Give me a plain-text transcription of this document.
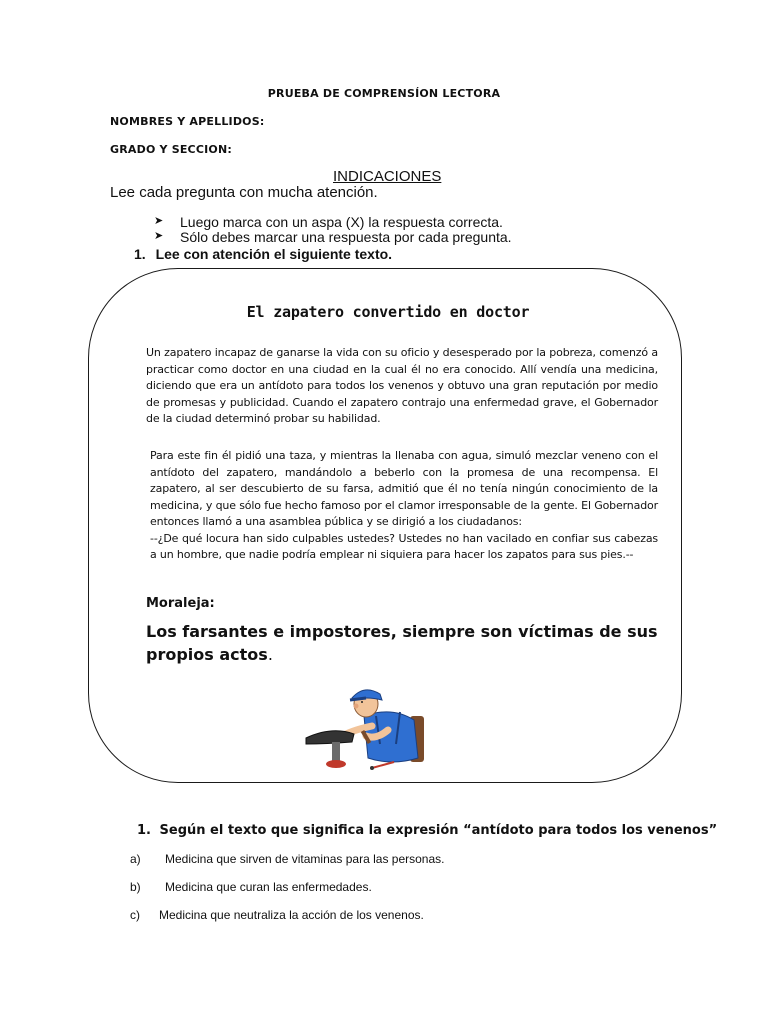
PRUEBA DE COMPRENSÍON LECTORA
NOMBRES Y APELLIDOS:
GRADO Y SECCION:
INDICACIONES
Lee cada pregunta con mucha atención.
➤	Luego marca con un aspa (X) la respuesta correcta.
➤	Sólo debes marcar una respuesta por cada pregunta.
1. Lee con atención el siguiente texto.
El zapatero convertido en doctor

Un zapatero incapaz de ganarse la vida con su oficio y desesperado por la pobreza, comenzó a practicar como doctor en una ciudad en la cual él no era conocido. Allí vendía una medicina, diciendo que era un antídoto para todos los venenos y obtuvo una gran reputación por medio de promesas y publicidad. Cuando el zapatero contrajo una enfermedad grave, el Gobernador de la ciudad determinó probar su habilidad.

Para este fin él pidió una taza, y mientras la llenaba con agua, simuló mezclar veneno con el antídoto del zapatero, mandándolo a beberlo con la promesa de una recompensa. El zapatero, al ser descubierto de su farsa, admitió que él no tenía ningún conocimiento de la medicina, y que sólo fue hecho famoso por el clamor irresponsable de la gente. El Gobernador entonces llamó a una asamblea pública y se dirigió a los ciudadanos:

--¿De qué locura han sido culpables ustedes? Ustedes no han vacilado en confiar sus cabezas a un hombre, que nadie podría emplear ni siquiera para hacer los zapatos para sus pies.--

Moraleja:
Los farsantes e impostores, siempre son víctimas de sus propios actos.
1. Según el texto que significa la expresión “antídoto para todos los venenos”
a)	Medicina que sirven de vitaminas para las personas.
b)	Medicina que curan las enfermedades.
c)	Medicina que neutraliza la acción de los venenos.
